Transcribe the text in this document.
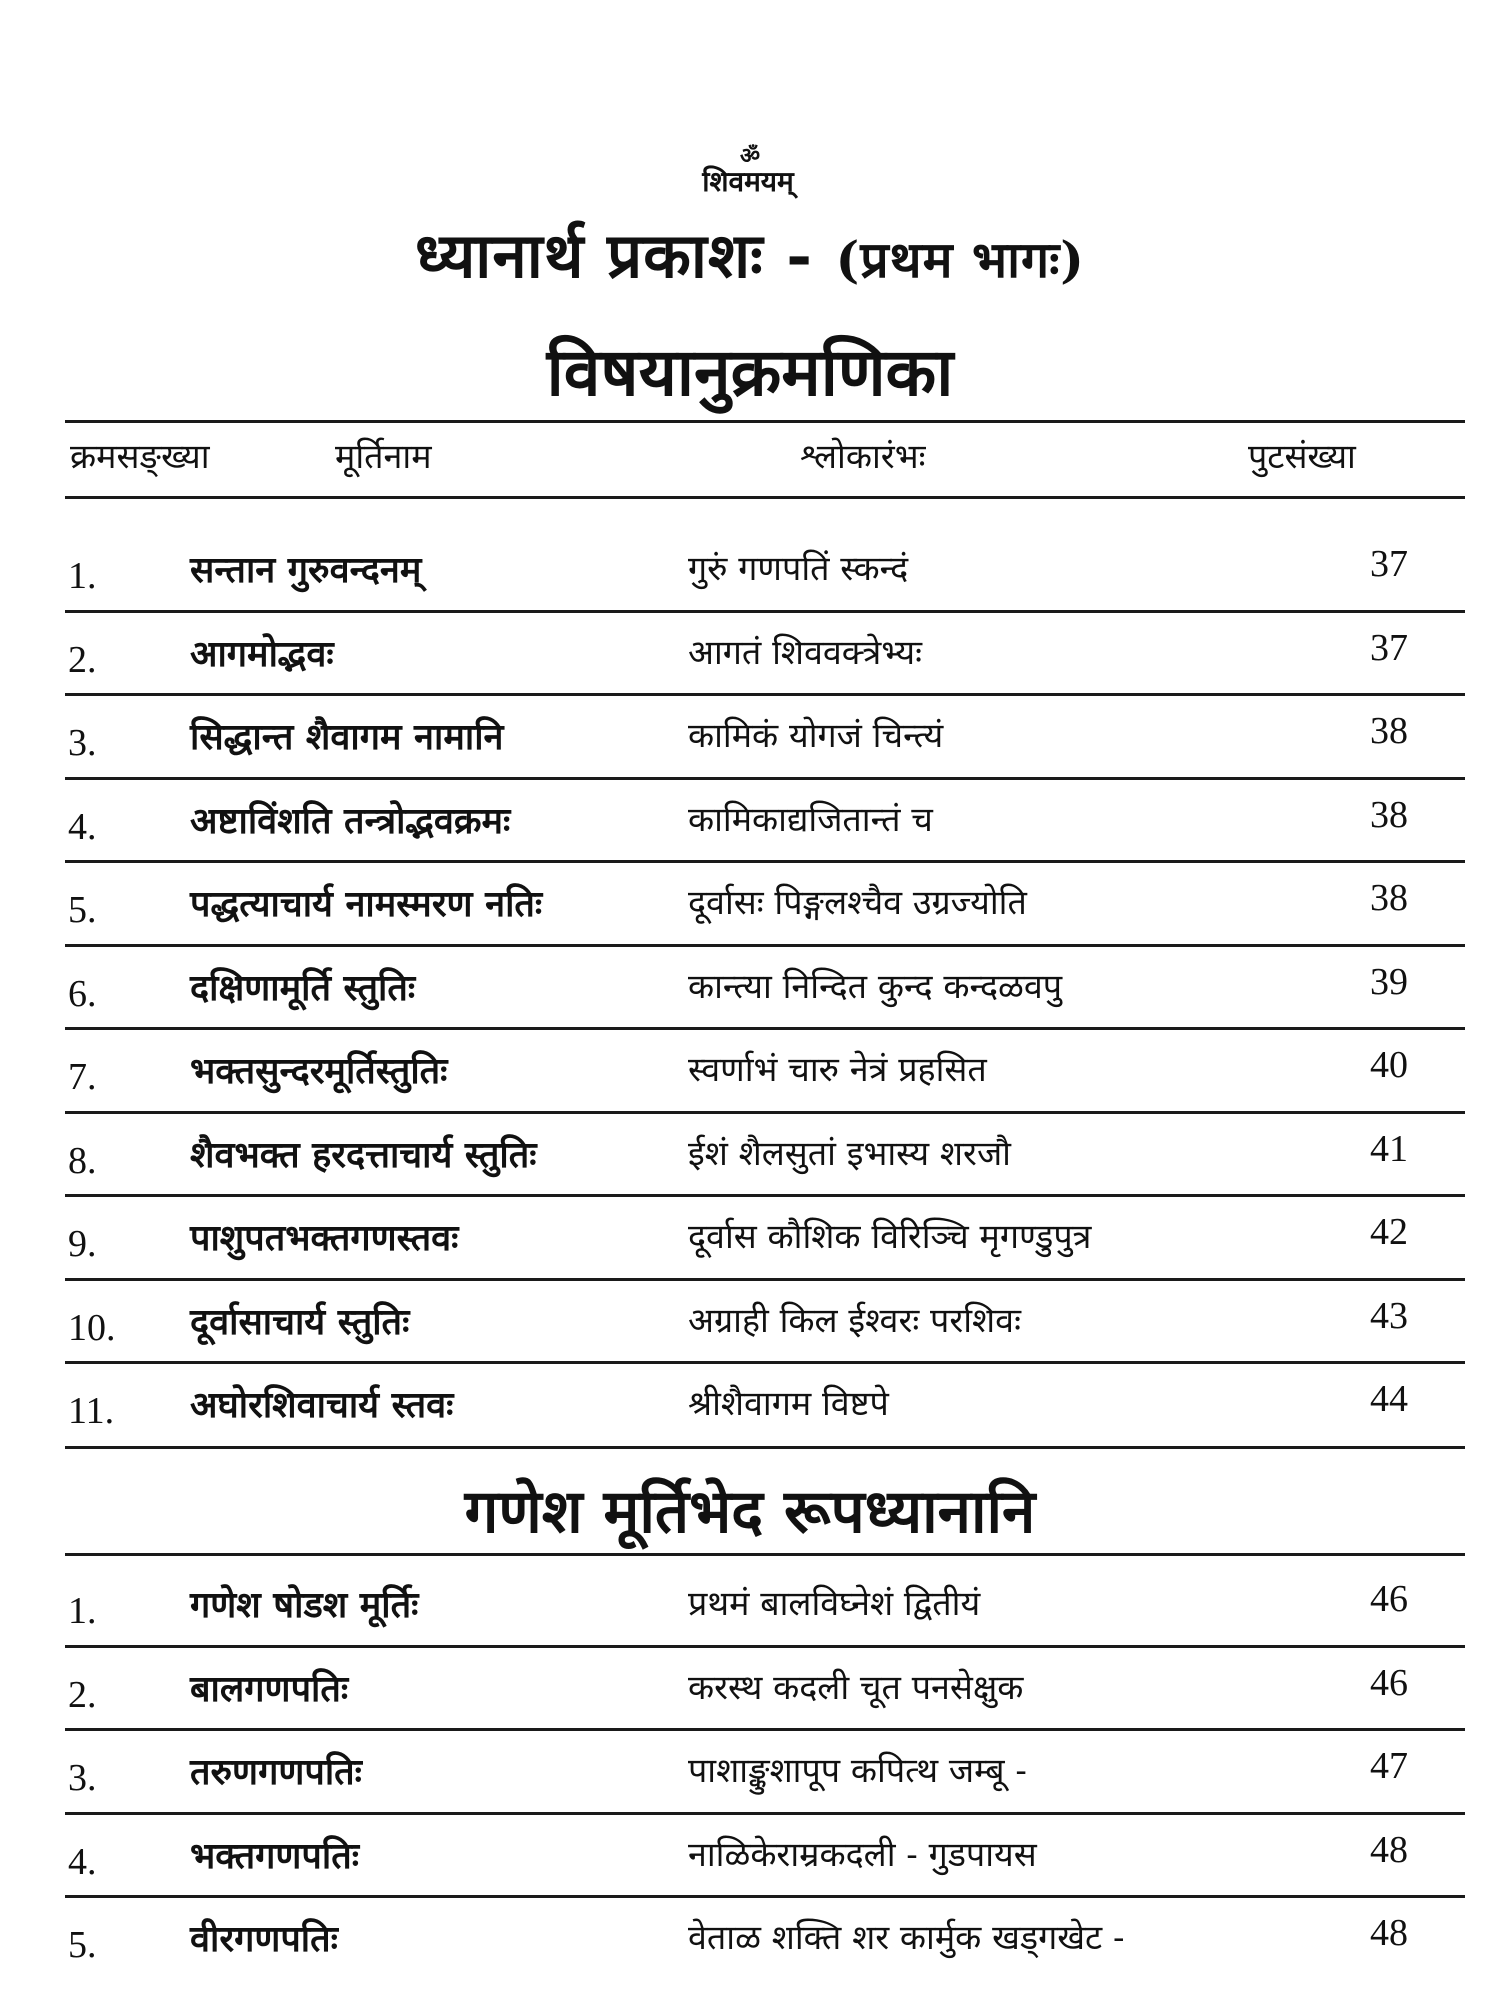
ॐ
शिवमयम्
ध्यानार्थ प्रकाशः - (प्रथम भागः)
विषयानुक्रमणिका
क्रमसङ्ख्या	मूर्तिनाम	श्लोकारंभः	पुटसंख्या
1.	सन्तान गुरुवन्दनम्	गुरुं गणपतिं स्कन्दं	37
2.	आगमोद्भवः	आगतं शिववक्त्रेभ्यः	37
3.	सिद्धान्त शैवागम नामानि	कामिकं योगजं चिन्त्यं	38
4.	अष्टाविंशति तन्त्रोद्भवक्रमः	कामिकाद्यजितान्तं च	38
5.	पद्धत्याचार्य नामस्मरण नतिः	दूर्वासः पिङ्गलश्चैव उग्रज्योति	38
6.	दक्षिणामूर्ति स्तुतिः	कान्त्या निन्दित कुन्द कन्दळवपु	39
7.	भक्तसुन्दरमूर्तिस्तुतिः	स्वर्णाभं चारु नेत्रं प्रहसित	40
8.	शैवभक्त हरदत्ताचार्य स्तुतिः	ईशं शैलसुतां इभास्य शरजौ	41
9.	पाशुपतभक्तगणस्तवः	दूर्वास कौशिक विरिञ्चि मृगण्डुपुत्र	42
10. दूर्वासाचार्य स्तुतिः	अग्राही किल ईश्वरः परशिवः	43
11. अघोरशिवाचार्य स्तवः	श्रीशैवागम विष्टपे	44
गणेश मूर्तिभेद रूपध्यानानि
1.	गणेश षोडश मूर्तिः	प्रथमं बालविघ्नेशं द्वितीयं	46
2.	बालगणपतिः	करस्थ कदली चूत पनसेक्षुक	46
3.	तरुणगणपतिः	पाशाङ्कुशापूप कपित्थ जम्बू -	47
4.	भक्तगणपतिः	नाळिकेराम्रकदली - गुडपायस	48
5.	वीरगणपतिः	वेताळ शक्ति शर कार्मुक खड्गखेट -	48
